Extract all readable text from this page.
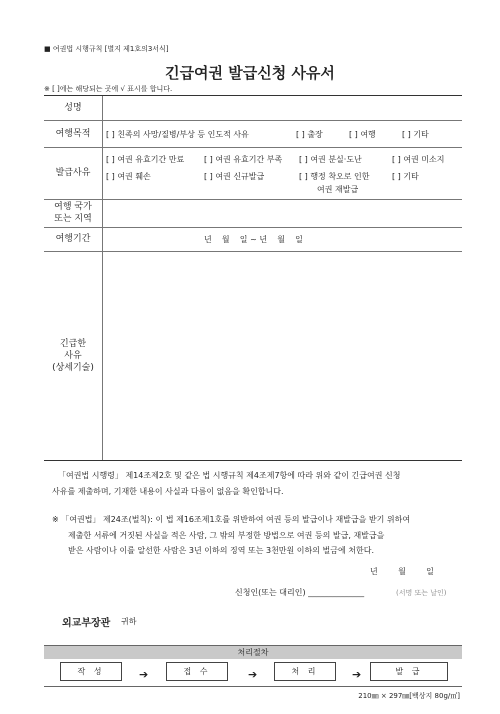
■ 여권법 시행규칙 [별지 제1호의3서식]
긴급여권 발급신청 사유서
※ [ ]에는 해당되는 곳에 √ 표시를 합니다.
성명
여행목적	[ ] 친족의 사망/질병/부상 등 인도적 사유	[ ] 출장	[ ] 여행	[ ] 기타
발급사유
[ ] 여권 유효기간 만료 [ ] 여권 유효기간 부족 [ ] 여권 분실·도난	[ ] 여권 미소지
[ ] 여권 훼손	[ ] 여권 신규발급	[ ] 행정 착오로 인한	[ ] 기타
여권 재발급
여행 국가
또는 지역
여행기간	년    월    일 ~ 년    월    일
긴급한
사유
(상세기술)
「여권법 시행령」 제14조제2호 및 같은 법 시행규칙 제4조제7항에 따라 위와 같이 긴급여권 신청
사유를 제출하며, 기재한 내용이 사실과 다름이 없음을 확인합니다.
※ 「여권법」 제24조(벌칙): 이 법 제16조제1호를 위반하여 여권 등의 발급이나 재발급을 받기 위하여
제출한 서류에 거짓된 사실을 적은 사람, 그 밖의 부정한 방법으로 여권 등의 발급, 재발급을
받은 사람이나 이를 알선한 사람은 3년 이하의 징역 또는 3천만원 이하의 벌금에 처한다.
년        월        일
신청인(또는 대리인) ______________	(서명 또는 날인)
외교부장관 귀하
처리절차
작 성	➔	접 수	➔	처 리	➔	발 급
210㎜ × 297㎜[백상지 80g/㎡]
